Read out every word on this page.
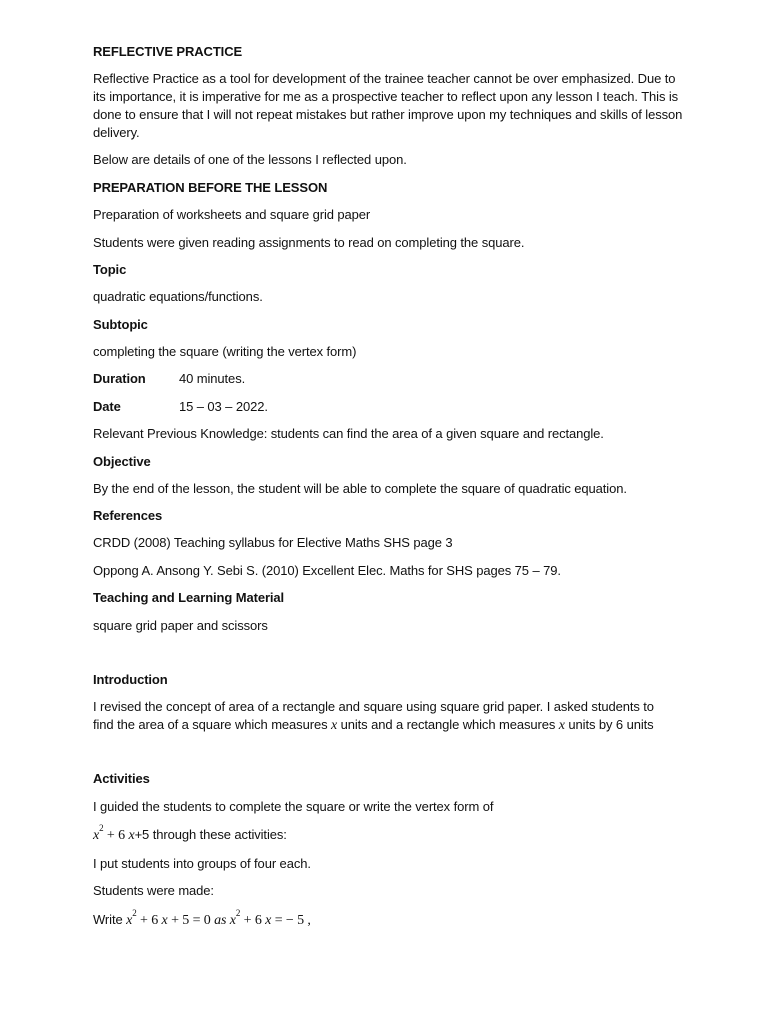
REFLECTIVE PRACTICE
Reflective Practice as a tool for development of the trainee teacher cannot be over emphasized. Due to its importance, it is imperative for me as a prospective teacher to reflect upon any lesson I teach. This is done to ensure that I will not repeat mistakes but rather improve upon my techniques and skills of lesson delivery.
Below are details of one of the lessons I reflected upon.
PREPARATION BEFORE THE LESSON
Preparation of worksheets and square grid paper
Students were given reading assignments to read on completing the square.
Topic
quadratic equations/functions.
Subtopic
completing the square (writing the vertex form)
Duration	40 minutes.
Date	15 – 03 – 2022.
Relevant Previous Knowledge: students can find the area of a given square and rectangle.
Objective
By the end of the lesson, the student will be able to complete the square of quadratic equation.
References
CRDD (2008) Teaching syllabus for Elective Maths SHS page 3
Oppong A. Ansong Y. Sebi S. (2010) Excellent Elec. Maths for SHS pages 75 – 79.
Teaching and Learning Material
square grid paper and scissors
Introduction
I revised the concept of area of a rectangle and square using square grid paper. I asked students to
find the area of a square which measures x units and a rectangle which measures x units by 6 units
Activities
I guided the students to complete the square or write the vertex form of
$x^2 + 6$ x+5 through these activities:
I put students into groups of four each.
Students were made:
Write $x^2 + 6$ x + 5 = 0 as $x^2 + 6$ x = − 5 ,
